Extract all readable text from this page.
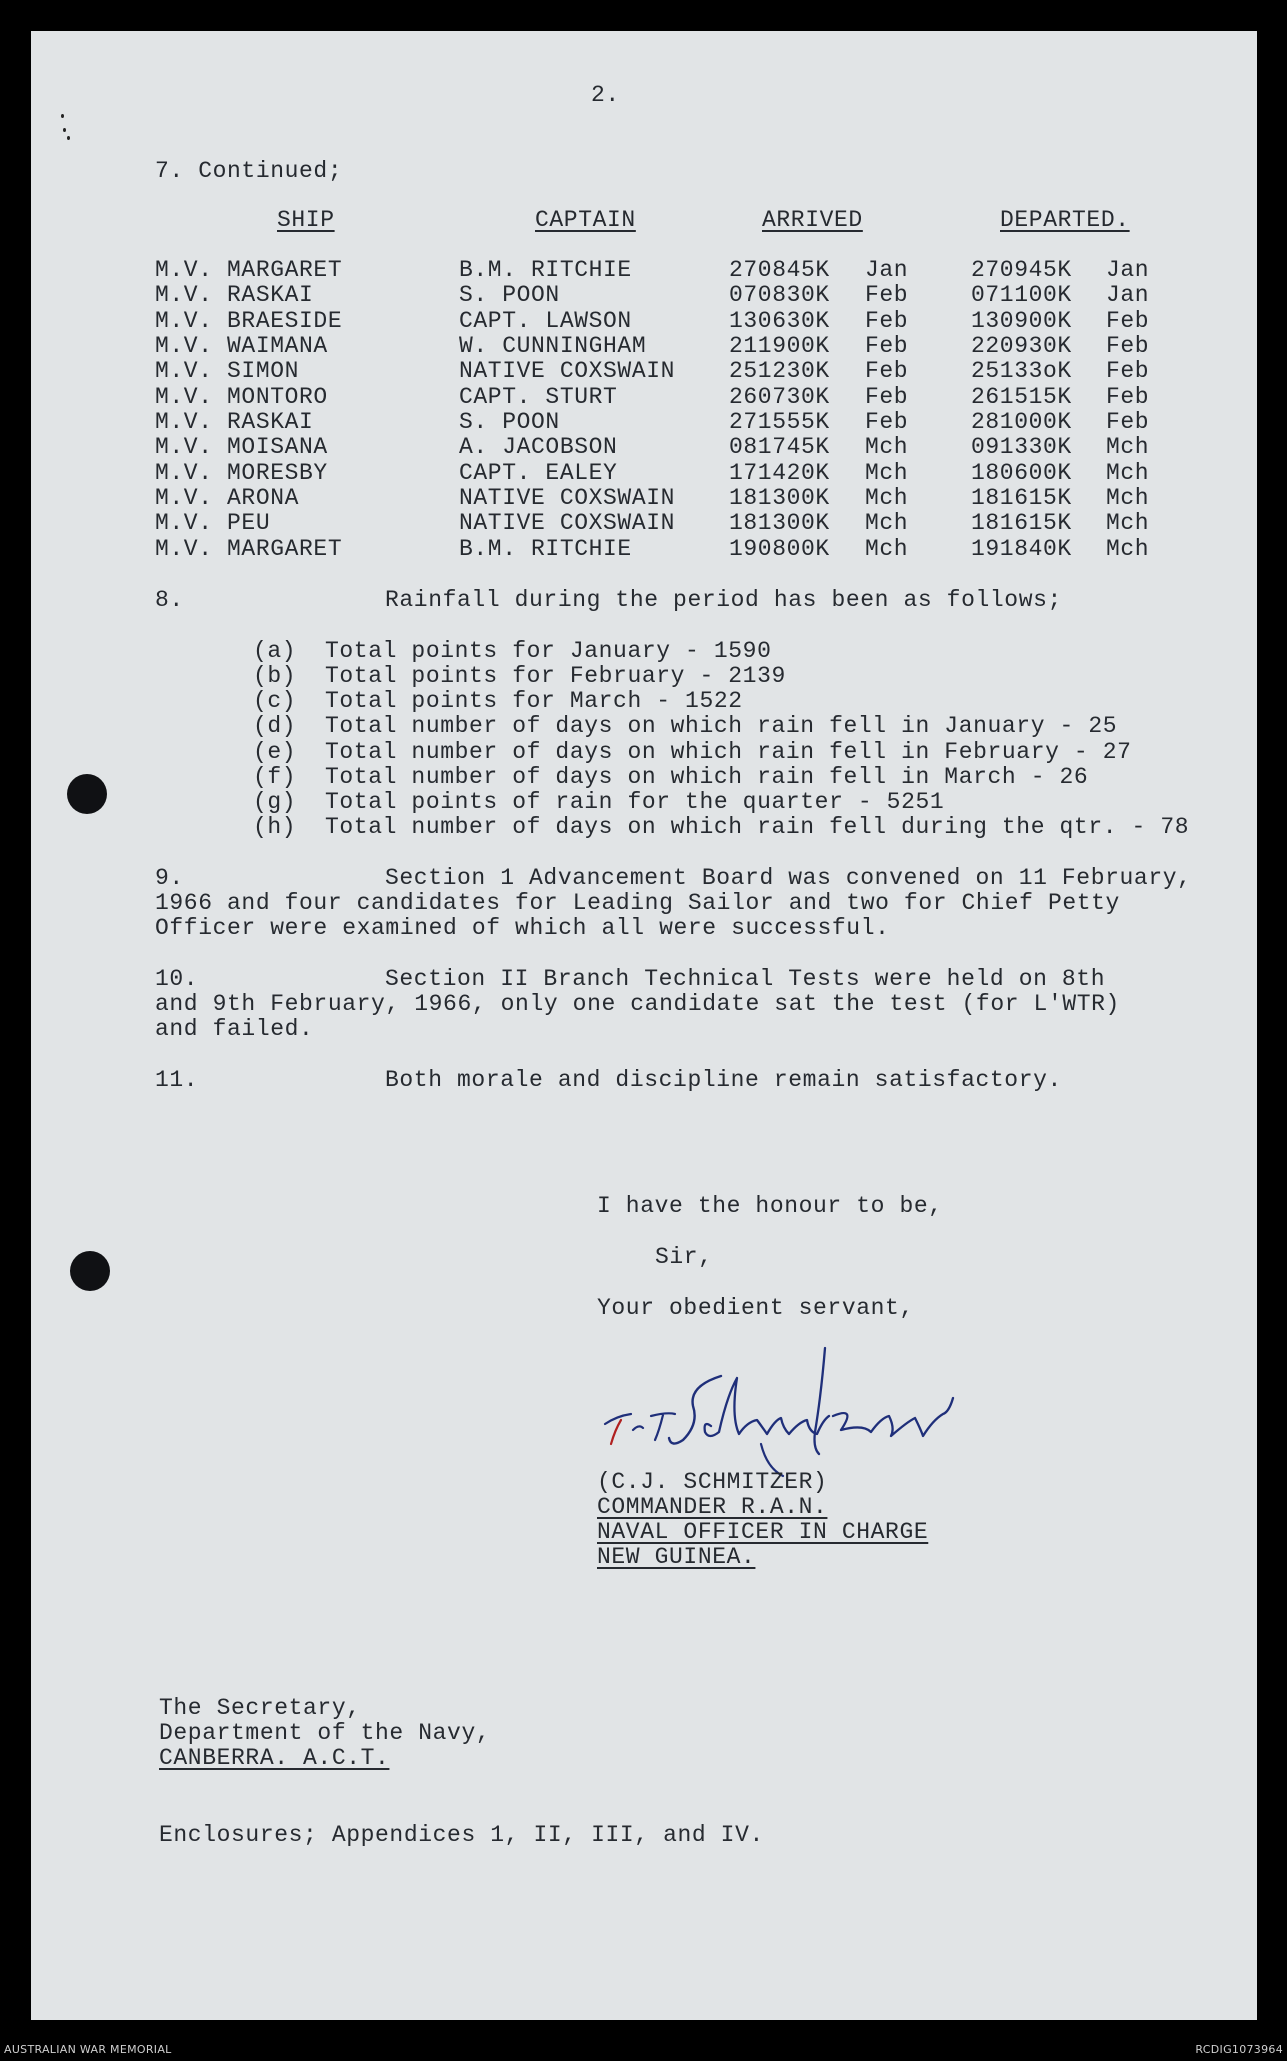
2.
7. Continued;
SHIP	CAPTAIN	ARRIVED	DEPARTED.
M.V. MARGARET	B.M. RITCHIE	270845K Jan	270945K Jan
M.V. RASKAI	S. POON	070830K Feb	071100K Jan
M.V. BRAESIDE	CAPT. LAWSON	130630K Feb	130900K Feb
M.V. WAIMANA	W. CUNNINGHAM	211900K Feb	220930K Feb
M.V. SIMON	NATIVE COXSWAIN 251230K Feb	25133oK Feb
M.V. MONTORO	CAPT. STURT	260730K Feb	261515K Feb
M.V. RASKAI	S. POON	271555K Feb	281000K Feb
M.V. MOISANA	A. JACOBSON	081745K Mch	091330K Mch
M.V. MORESBY	CAPT. EALEY	171420K Mch	180600K Mch
M.V. ARONA	NATIVE COXSWAIN 181300K Mch	181615K Mch
M.V. PEU	NATIVE COXSWAIN 181300K Mch	181615K Mch
M.V. MARGARET	B.M. RITCHIE	190800K Mch	191840K Mch
8.	Rainfall during the period has been as follows;
(a) Total points for January - 1590
(b) Total points for February - 2139
(c) Total points for March - 1522
(d) Total number of days on which rain fell in January - 25
(e) Total number of days on which rain fell in February - 27
(f) Total number of days on which rain fell in March - 26
(g) Total points of rain for the quarter - 5251
(h) Total number of days on which rain fell during the qtr. - 78
9.	Section 1 Advancement Board was convened on 11 February,
1966 and four candidates for Leading Sailor and two for Chief Petty
Officer were examined of which all were successful.
10.	Section II Branch Technical Tests were held on 8th
and 9th February, 1966, only one candidate sat the test (for L'WTR)
and failed.
11.	Both morale and discipline remain satisfactory.
I have the honour to be,
Sir,
Your obedient servant,
(C.J. SCHMITZER)
COMMANDER R.A.N.
NAVAL OFFICER IN CHARGE
NEW GUINEA.
The Secretary,
Department of the Navy,
CANBERRA. A.C.T.
Enclosures; Appendices 1, II, III, and IV.
AUSTRALIAN WAR MEMORIAL	RCDIG1073964
